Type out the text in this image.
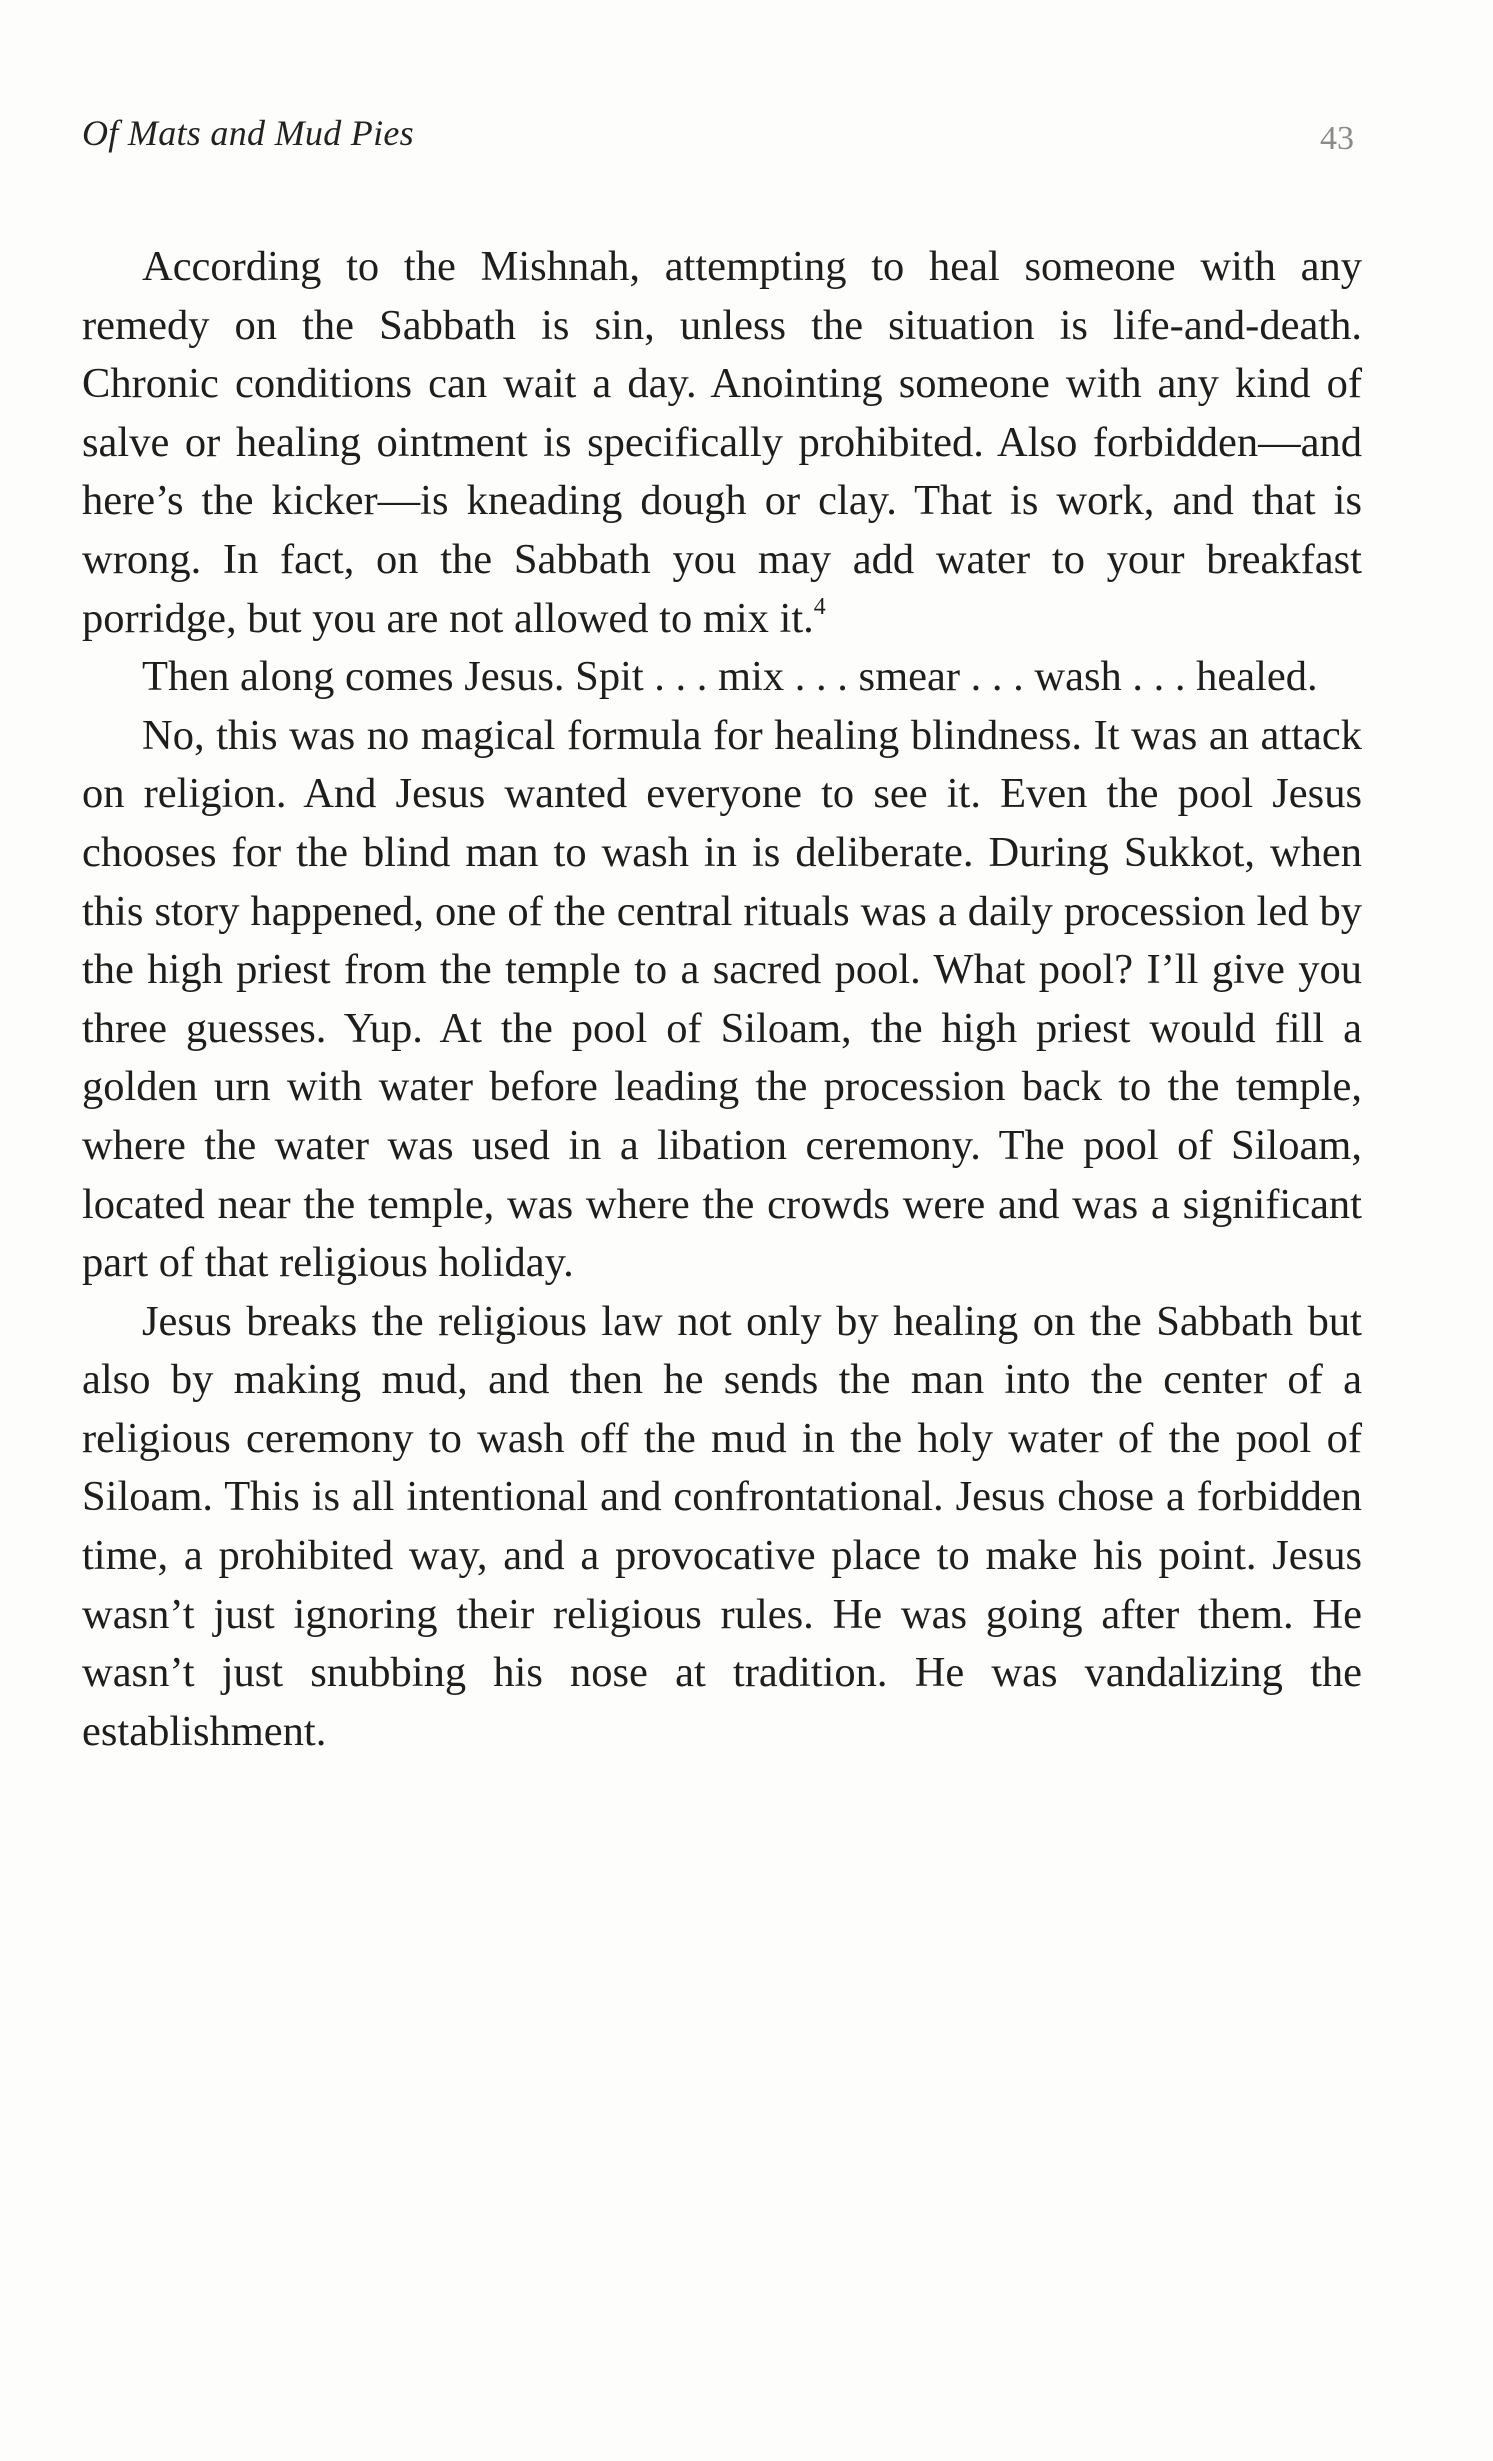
Of Mats and Mud Pies	43

According to the Mishnah, attempting to heal someone with any remedy on the Sabbath is sin, unless the situation is life-and-death. Chronic conditions can wait a day. Anointing someone with any kind of salve or healing ointment is specifically prohibited. Also forbidden—and here’s the kicker—is kneading dough or clay. That is work, and that is wrong. In fact, on the Sabbath you may add water to your breakfast porridge, but you are not allowed to mix it.$^4$

Then along comes Jesus. Spit . . . mix . . . smear . . . wash . . . healed.

No, this was no magical formula for healing blindness. It was an attack on religion. And Jesus wanted everyone to see it. Even the pool Jesus chooses for the blind man to wash in is deliberate. During Sukkot, when this story happened, one of the central rituals was a daily procession led by the high priest from the temple to a sacred pool. What pool? I’ll give you three guesses. Yup. At the pool of Siloam, the high priest would fill a golden urn with water before leading the procession back to the temple, where the water was used in a libation ceremony. The pool of Siloam, located near the temple, was where the crowds were and was a significant part of that religious holiday.

Jesus breaks the religious law not only by healing on the Sabbath but also by making mud, and then he sends the man into the center of a religious ceremony to wash off the mud in the holy water of the pool of Siloam. This is all intentional and confrontational. Jesus chose a forbidden time, a prohibited way, and a provocative place to make his point. Jesus wasn’t just ignoring their religious rules. He was going after them. He wasn’t just snubbing his nose at tradition. He was vandalizing the establishment.
